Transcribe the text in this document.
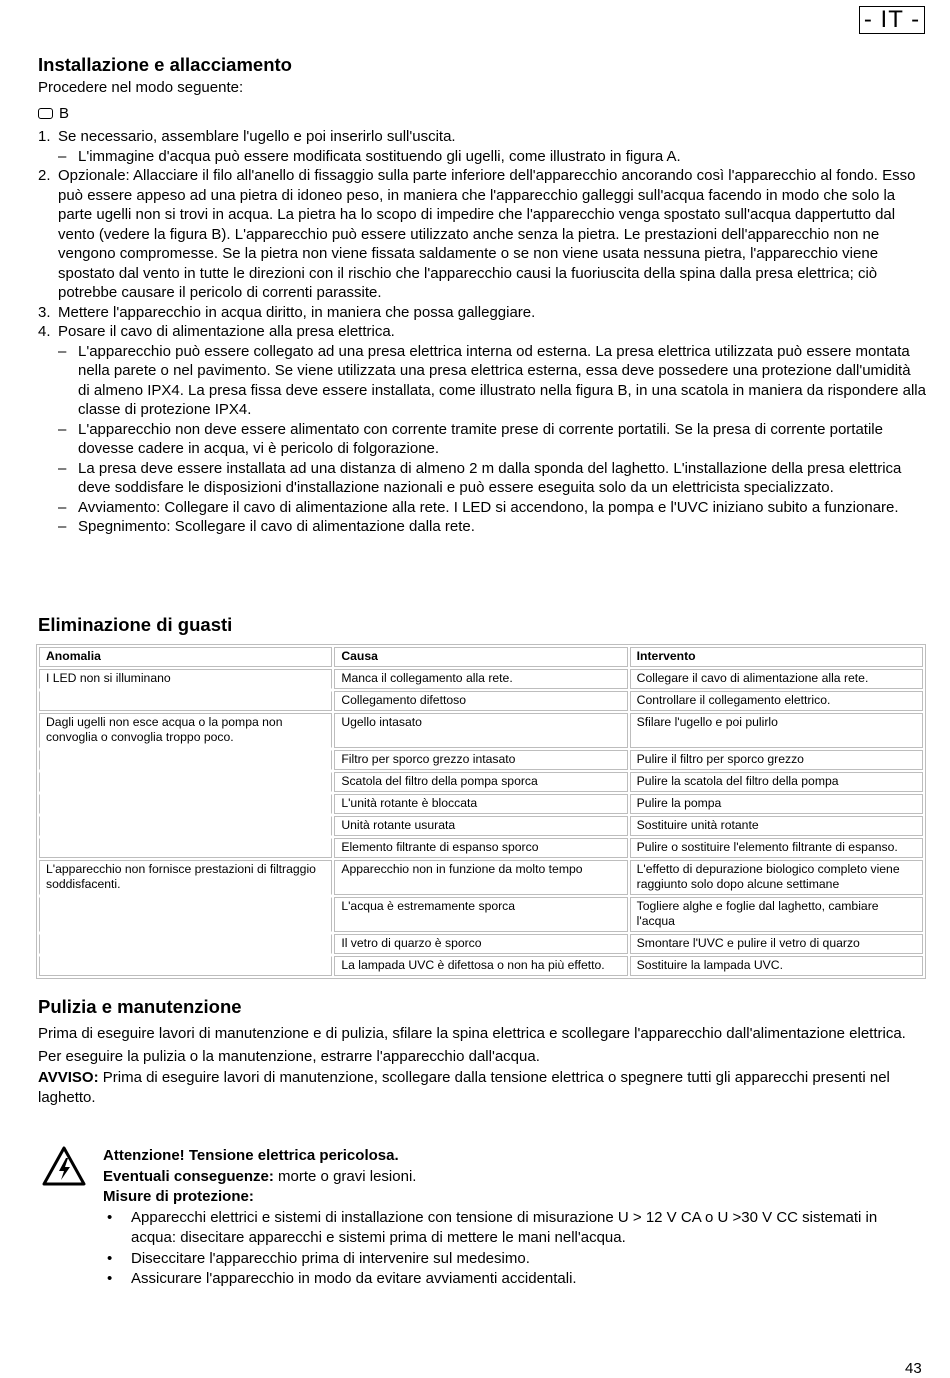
- IT -
Installazione e allacciamento

Procedere nel modo seguente:

B
1. Se necessario, assemblare l'ugello e poi inserirlo sull'uscita.
– L'immagine d'acqua può essere modificata sostituendo gli ugelli, come illustrato in figura A.
2. Opzionale: Allacciare il filo all'anello di fissaggio sulla parte inferiore dell'apparecchio ancorando così l'apparecchio al fondo. Esso può essere appeso ad una pietra di idoneo peso, in maniera che l'apparecchio galleggi sull'acqua facendo in modo che solo la parte ugelli non si trovi in acqua. La pietra ha lo scopo di impedire che l'apparecchio venga spostato sull'acqua dappertutto dal vento (vedere la figura B). L'apparecchio può essere utilizzato anche senza la pietra. Le prestazioni dell'apparecchio non ne vengono compromesse. Se la pietra non viene fissata saldamente o se non viene usata nessuna pietra, l'apparecchio viene spostato dal vento in tutte le direzioni con il rischio che l'apparecchio causi la fuoriuscita della spina dalla presa elettrica; ciò potrebbe causare il pericolo di correnti parassite.
3. Mettere l'apparecchio in acqua diritto, in maniera che possa galleggiare.
4. Posare il cavo di alimentazione alla presa elettrica.
– L'apparecchio può essere collegato ad una presa elettrica interna od esterna. La presa elettrica utilizzata può essere montata nella parete o nel pavimento. Se viene utilizzata una presa elettrica esterna, essa deve possedere una protezione dall'umidità di almeno IPX4. La presa fissa deve essere installata, come illustrato nella figura B, in una scatola in maniera da rispondere alla classe di protezione IPX4.
– L'apparecchio non deve essere alimentato con corrente tramite prese di corrente portatili. Se la presa di corrente portatile dovesse cadere in acqua, vi è pericolo di folgorazione.
– La presa deve essere installata ad una distanza di almeno 2 m dalla sponda del laghetto. L'installazione della presa elettrica deve soddisfare le disposizioni d'installazione nazionali e può essere eseguita solo da un elettricista specializzato.
– Avviamento: Collegare il cavo di alimentazione alla rete. I LED si accendono, la pompa e l'UVC iniziano subito a funzionare.
– Spegnimento: Scollegare il cavo di alimentazione dalla rete.
Eliminazione di guasti
Anomalia	Causa	Intervento
I LED non si illuminano	Manca il collegamento alla rete.	Collegare il cavo di alimentazione alla rete.
	Collegamento difettoso	Controllare il collegamento elettrico.
Dagli ugelli non esce acqua o la pompa non convoglia o convoglia troppo poco.	Ugello intasato	Sfilare l'ugello e poi pulirlo
	Filtro per sporco grezzo intasato	Pulire il filtro per sporco grezzo
	Scatola del filtro della pompa sporca	Pulire la scatola del filtro della pompa
	L'unità rotante è bloccata	Pulire la pompa
	Unità rotante usurata	Sostituire unità rotante
	Elemento filtrante di espanso sporco	Pulire o sostituire l'elemento filtrante di espanso.
L'apparecchio non fornisce prestazioni di filtraggio soddisfacenti.	Apparecchio non in funzione da molto tempo	L'effetto di depurazione biologico completo viene raggiunto solo dopo alcune settimane
	L'acqua è estremamente sporca	Togliere alghe e foglie dal laghetto, cambiare l'acqua
	Il vetro di quarzo è sporco	Smontare l'UVC e pulire il vetro di quarzo
	La lampada UVC è difettosa o non ha più effetto.	Sostituire la lampada UVC.
Pulizia e manutenzione

Prima di eseguire lavori di manutenzione e di pulizia, sfilare la spina elettrica e scollegare l'apparecchio dall'alimentazione elettrica.

Per eseguire la pulizia o la manutenzione, estrarre l'apparecchio dall'acqua.

AVVISO: Prima di eseguire lavori di manutenzione, scollegare dalla tensione elettrica o spegnere tutti gli apparecchi presenti nel laghetto.

Attenzione! Tensione elettrica pericolosa.
Eventuali conseguenze: morte o gravi lesioni.
Misure di protezione:
•	Apparecchi elettrici e sistemi di installazione con tensione di misurazione U > 12 V CA o U >30 V CC sistemati in acqua: disecitare apparecchi e sistemi prima di mettere le mani nell'acqua.
•	Diseccitare l'apparecchio prima di intervenire sul medesimo.
•	Assicurare l'apparecchio in modo da evitare avviamenti accidentali.
43
